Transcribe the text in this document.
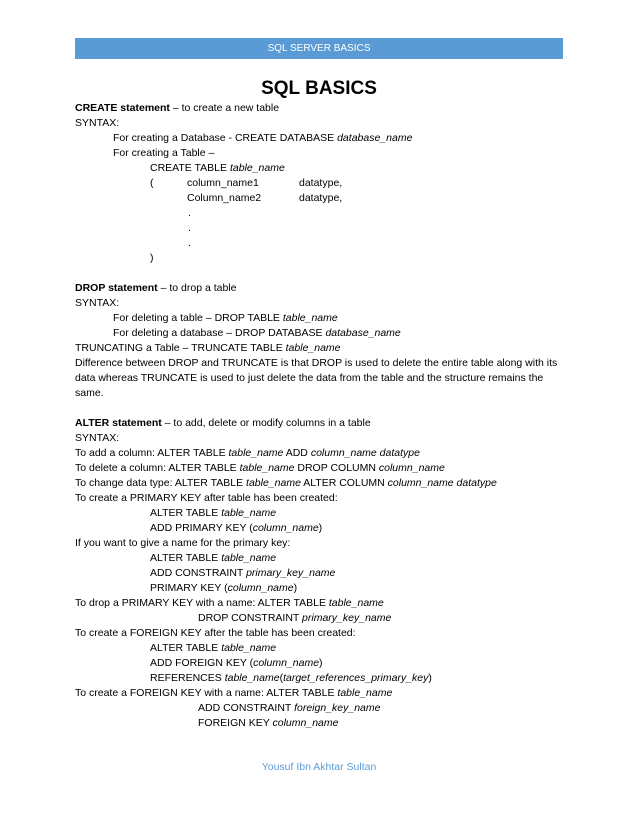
SQL SERVER BASICS
SQL BASICS
CREATE statement – to create a new table
SYNTAX:
For creating a Database - CREATE DATABASE database_name
For creating a Table –
CREATE TABLE table_name
(	column_name1	datatype,
Column_name2	datatype,
.
.
.
)
DROP statement – to drop a table
SYNTAX:
For deleting a table – DROP TABLE table_name
For deleting a database – DROP DATABASE database_name
TRUNCATING a Table – TRUNCATE TABLE table_name
Difference between DROP and TRUNCATE is that DROP is used to delete the entire table along with its
data whereas TRUNCATE is used to just delete the data from the table and the structure remains the
same.
ALTER statement – to add, delete or modify columns in a table
SYNTAX:
To add a column: ALTER TABLE table_name ADD column_name datatype
To delete a column: ALTER TABLE table_name DROP COLUMN column_name
To change data type: ALTER TABLE table_name ALTER COLUMN column_name datatype
To create a PRIMARY KEY after table has been created:
ALTER TABLE table_name
ADD PRIMARY KEY (column_name)
If you want to give a name for the primary key:
ALTER TABLE table_name
ADD CONSTRAINT primary_key_name
PRIMARY KEY (column_name)
To drop a PRIMARY KEY with a name: ALTER TABLE table_name
DROP CONSTRAINT primary_key_name
To create a FOREIGN KEY after the table has been created:
ALTER TABLE table_name
ADD FOREIGN KEY (column_name)
REFERENCES table_name(target_references_primary_key)
To create a FOREIGN KEY with a name: ALTER TABLE table_name
ADD CONSTRAINT foreign_key_name
FOREIGN KEY column_name
Yousuf Ibn Akhtar Sultan
